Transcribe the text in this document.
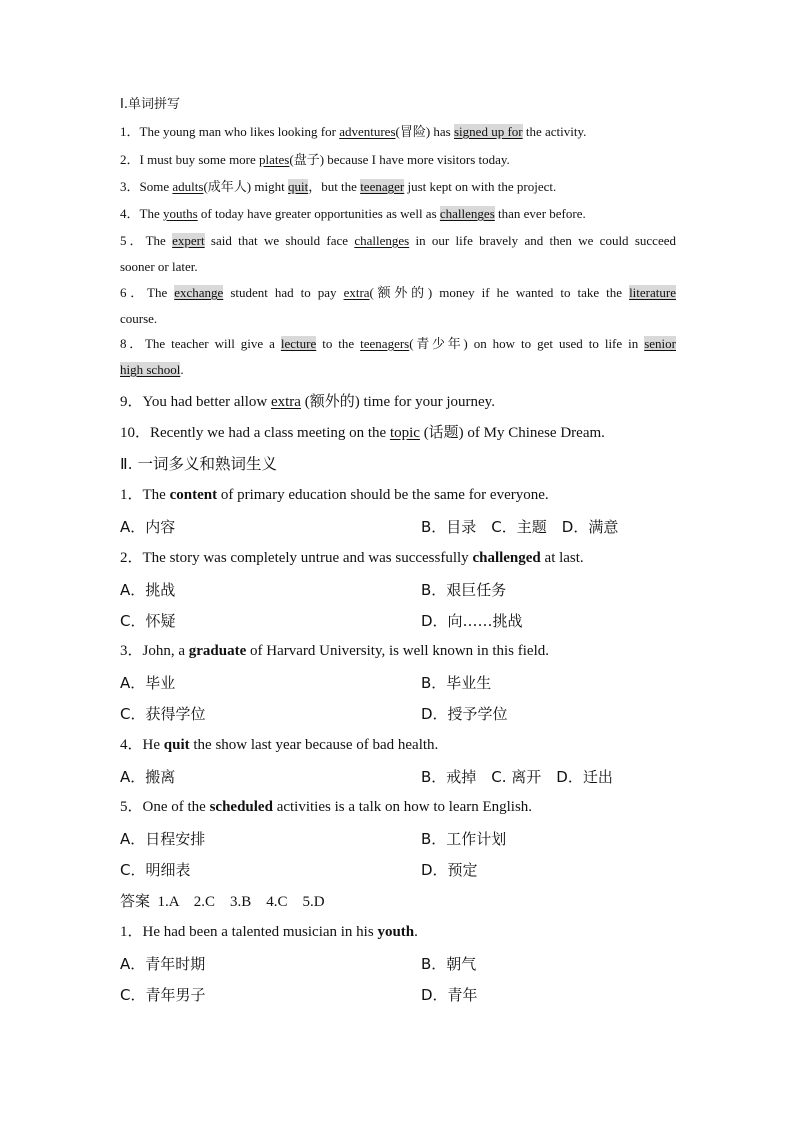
Ⅰ.单词拼写
1．The young man who likes looking for adventures(冒险) has signed up for the activity.
2．I must buy some more plates(盘子) because I have more visitors today.
3．Some adults(成年人) might quit，but the teenager just kept on with the project.
4．The youths of today have greater opportunities as well as challenges than ever before.
5．The expert said that we should face challenges in our life bravely and then we could succeed
sooner or later.
6．The exchange student had to pay extra(额外的) money if he wanted to take the literature
course.
8．The teacher will give a lecture to the teenagers(青少年) on how to get used to life in senior
high school.
9．You had better allow extra (额外的) time for your journey.
10．Recently we had a class meeting on the topic (话题) of My Chinese Dream.
Ⅱ. 一词多义和熟词生义
1．The content of primary education should be the same for everyone.
A．内容	B．目录　C．主题　D．满意
2．The story was completely untrue and was successfully challenged at last.
A．挑战	B．艰巨任务
C．怀疑	D．向……挑战
3．John, a graduate of Harvard University, is well known in this field.
A．毕业	B．毕业生
C．获得学位	D．授予学位
4．He quit the show last year because of bad health.
A．搬离	B．戒掉　C. 离开　D．迁出
5．One of the scheduled activities is a talk on how to learn English.
A．日程安排	B．工作计划
C．明细表	D．预定
答案  1.A　2.C　3.B　4.C　5.D
1．He had been a talented musician in his youth.
A．青年时期	B．朝气
C．青年男子	D．青年
